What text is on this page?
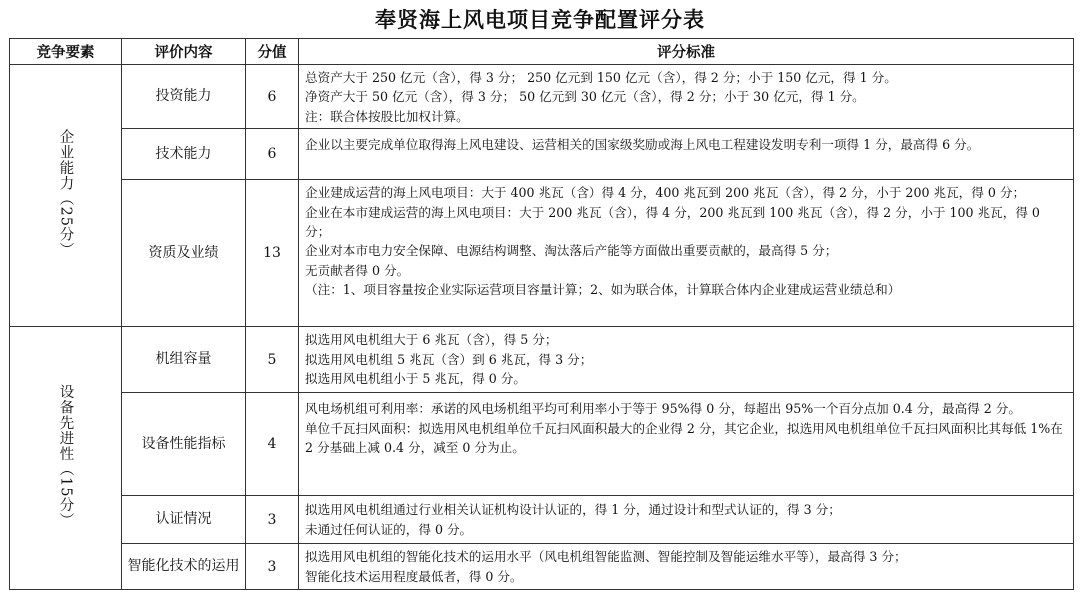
奉贤海上风电项目竞争配置评分表
竞争要素	评价内容	分值	评分标准
企业能力（25分）	投资能力	6	总资产大于 250 亿元（含），得 3 分； 250 亿元到 150 亿元（含），得 2 分；小于 150 亿元，得 1 分。
净资产大于 50 亿元（含），得 3 分； 50 亿元到 30 亿元（含），得 2 分；小于 30 亿元，得 1 分。
注：联合体按股比加权计算。

	技术能力	6	企业以主要完成单位取得海上风电建设、运营相关的国家级奖励或海上风电工程建设发明专利一项得 1 分，最高得 6 分。

	资质及业绩	13	企业建成运营的海上风电项目：大于 400 兆瓦（含）得 4 分，400 兆瓦到 200 兆瓦（含），得 2 分，小于 200 兆瓦，得 0 分；
企业在本市建成运营的海上风电项目：大于 200 兆瓦（含），得 4 分，200 兆瓦到 100 兆瓦（含），得 2 分，小于 100 兆瓦，得 0 分；
企业对本市电力安全保障、电源结构调整、淘汰落后产能等方面做出重要贡献的，最高得 5 分；
无贡献者得 0 分。
（注：1、项目容量按企业实际运营项目容量计算；2、如为联合体，计算联合体内企业建成运营业绩总和）

设备先进性（15分）	机组容量	5	拟选用风电机组大于 6 兆瓦（含），得 5 分；
拟选用风电机组 5 兆瓦（含）到 6 兆瓦，得 3 分；
拟选用风电机组小于 5 兆瓦，得 0 分。

	设备性能指标	4	风电场机组可利用率：承诺的风电场机组平均可利用率小于等于 95%得 0 分，每超出 95%一个百分点加 0.4 分，最高得 2 分。
单位千瓦扫风面积：拟选用风电机组单位千瓦扫风面积最大的企业得 2 分，其它企业，拟选用风电机组单位千瓦扫风面积比其每低 1%在 2 分基础上减 0.4 分，减至 0 分为止。

	认证情况	3	拟选用风电机组通过行业相关认证机构设计认证的，得 1 分，通过设计和型式认证的，得 3 分；
未通过任何认证的，得 0 分。

	智能化技术的运用	3	拟选用风电机组的智能化技术的运用水平（风电机组智能监测、智能控制及智能运维水平等），最高得 3 分；
智能化技术运用程度最低者，得 0 分。
